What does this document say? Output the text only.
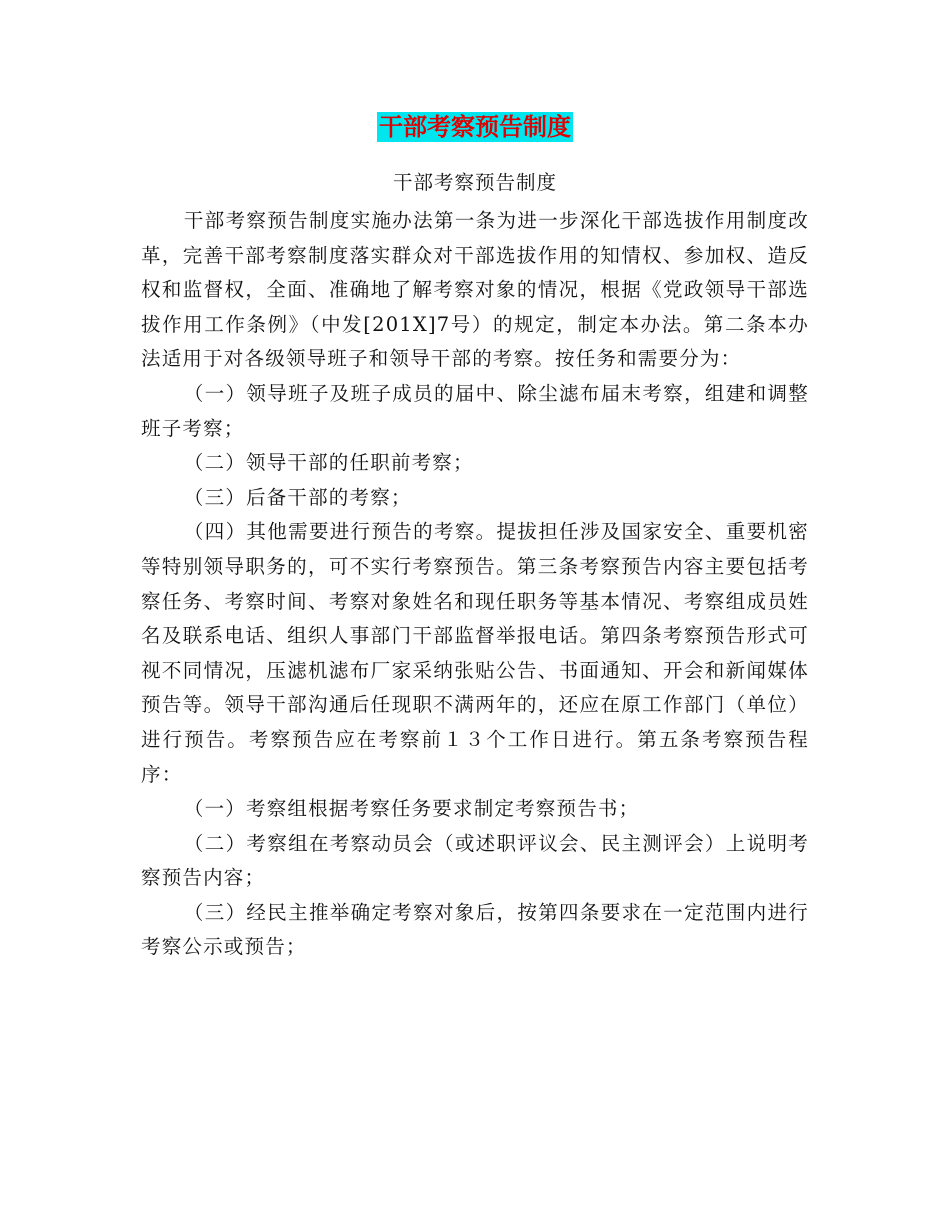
干部考察预告制度
干部考察预告制度

干部考察预告制度实施办法第一条为进一步深化干部选拔作用制度改革，完善干部考察制度落实群众对干部选拔作用的知情权、参加权、造反权和监督权，全面、准确地了解考察对象的情况，根据《党政领导干部选拔作用工作条例》（中发[201X]7号）的规定，制定本办法。第二条本办法适用于对各级领导班子和领导干部的考察。按任务和需要分为：

（一）领导班子及班子成员的届中、除尘滤布届末考察，组建和调整班子考察；

（二）领导干部的任职前考察；

（三）后备干部的考察；

（四）其他需要进行预告的考察。提拔担任涉及国家安全、重要机密等特别领导职务的，可不实行考察预告。第三条考察预告内容主要包括考察任务、考察时间、考察对象姓名和现任职务等基本情况、考察组成员姓名及联系电话、组织人事部门干部监督举报电话。第四条考察预告形式可视不同情况，压滤机滤布厂家采纳张贴公告、书面通知、开会和新闻媒体预告等。领导干部沟通后任现职不满两年的，还应在原工作部门（单位）进行预告。考察预告应在考察前１３个工作日进行。第五条考察预告程序：

（一）考察组根据考察任务要求制定考察预告书；

（二）考察组在考察动员会（或述职评议会、民主测评会）上说明考察预告内容；

（三）经民主推举确定考察对象后，按第四条要求在一定范围内进行考察公示或预告；
